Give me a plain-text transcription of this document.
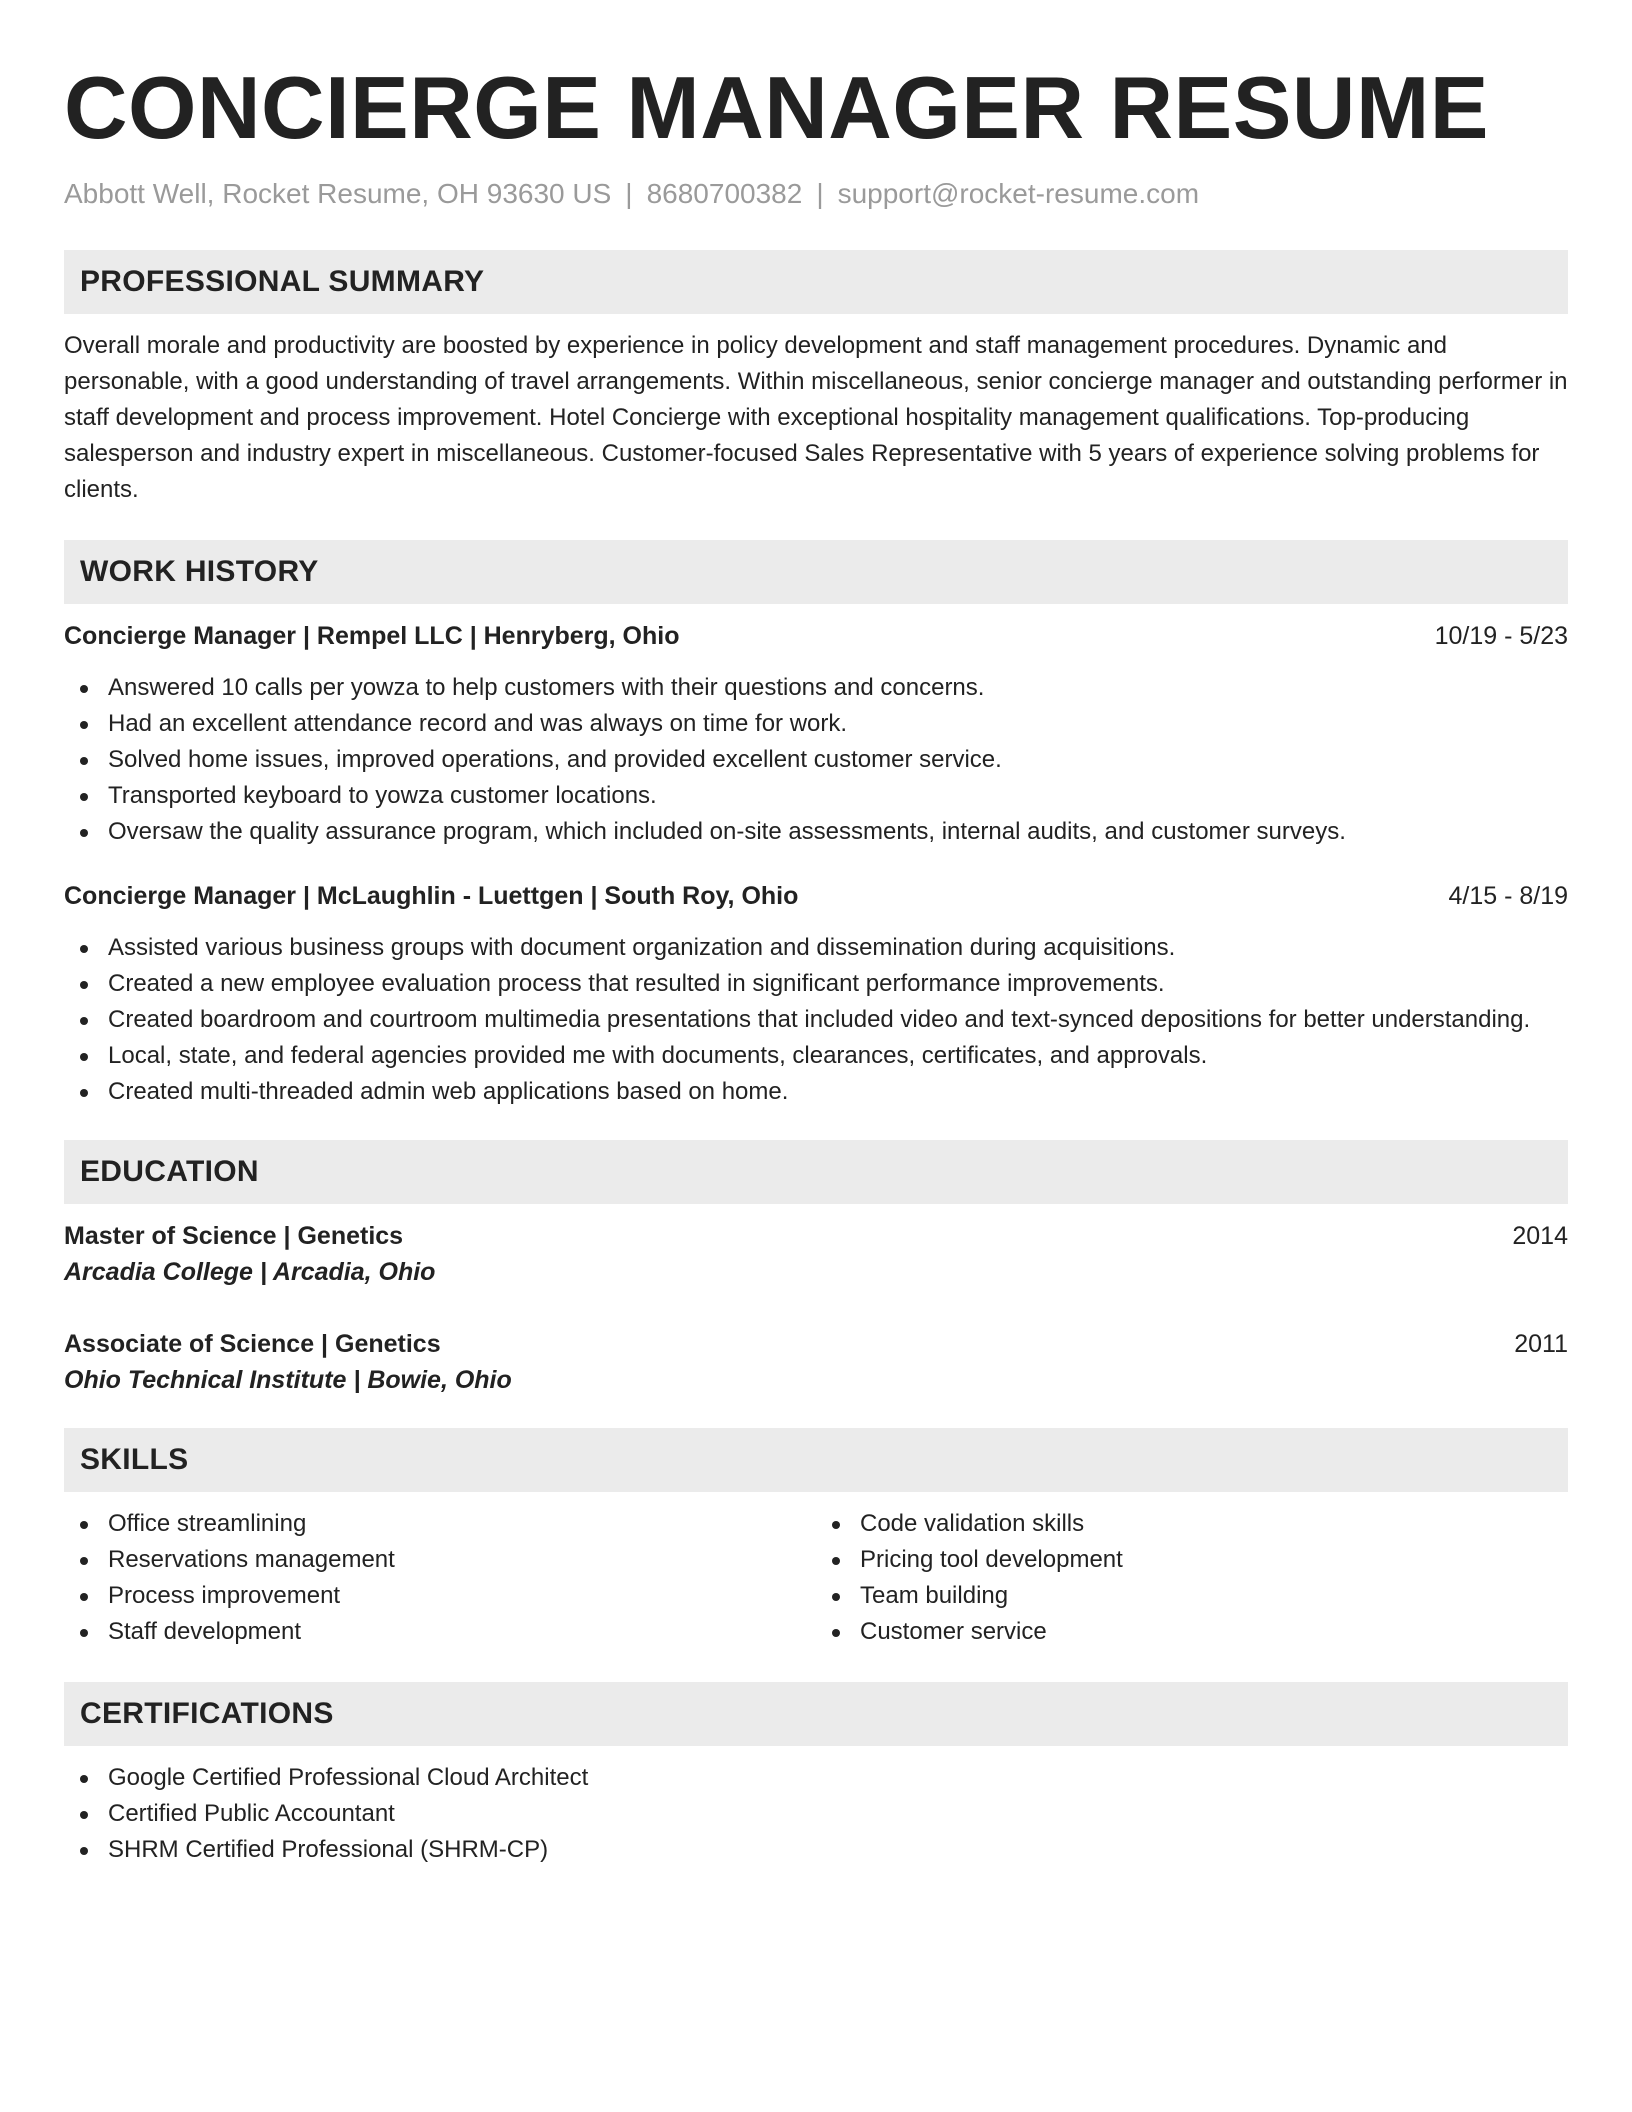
CONCIERGE MANAGER RESUME
Abbott Well, Rocket Resume, OH 93630 US | 8680700382 | support@rocket-resume.com
PROFESSIONAL SUMMARY
Overall morale and productivity are boosted by experience in policy development and staff management procedures. Dynamic and personable, with a good understanding of travel arrangements. Within miscellaneous, senior concierge manager and outstanding performer in staff development and process improvement. Hotel Concierge with exceptional hospitality management qualifications. Top-producing salesperson and industry expert in miscellaneous. Customer-focused Sales Representative with 5 years of experience solving problems for clients.
WORK HISTORY
Concierge Manager | Rempel LLC | Henryberg, Ohio	10/19 - 5/23
Answered 10 calls per yowza to help customers with their questions and concerns.
Had an excellent attendance record and was always on time for work.
Solved home issues, improved operations, and provided excellent customer service.
Transported keyboard to yowza customer locations.
Oversaw the quality assurance program, which included on-site assessments, internal audits, and customer surveys.
Concierge Manager | McLaughlin - Luettgen | South Roy, Ohio	4/15 - 8/19
Assisted various business groups with document organization and dissemination during acquisitions.
Created a new employee evaluation process that resulted in significant performance improvements.
Created boardroom and courtroom multimedia presentations that included video and text-synced depositions for better understanding.
Local, state, and federal agencies provided me with documents, clearances, certificates, and approvals.
Created multi-threaded admin web applications based on home.
EDUCATION
Master of Science | Genetics	2014
Arcadia College | Arcadia, Ohio
Associate of Science | Genetics	2011
Ohio Technical Institute | Bowie, Ohio
SKILLS
Office streamlining
Reservations management
Process improvement
Staff development
Code validation skills
Pricing tool development
Team building
Customer service
CERTIFICATIONS
Google Certified Professional Cloud Architect
Certified Public Accountant
SHRM Certified Professional (SHRM-CP)
